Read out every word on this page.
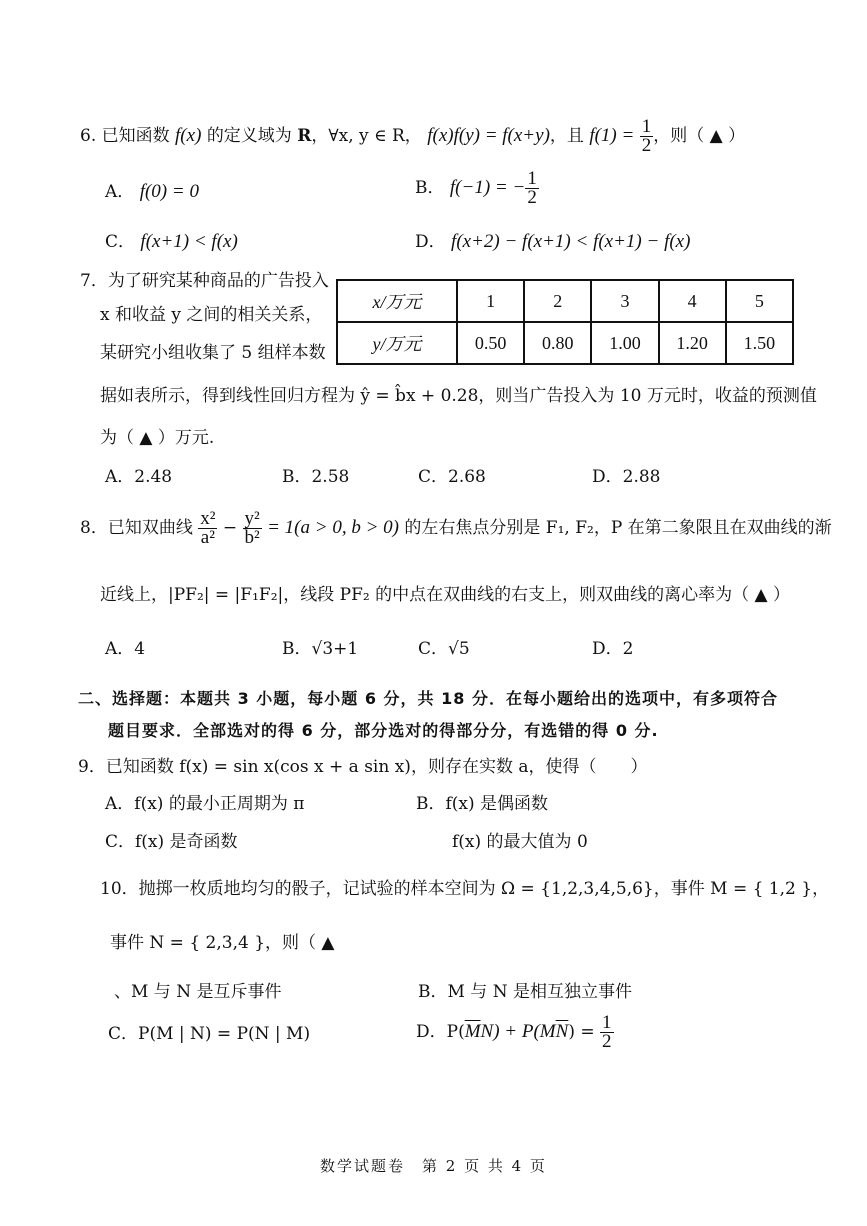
6. 已知函数 f(x) 的定义域为 R，∀x, y ∈ R， f(x)f(y) = f(x+y)，且 $f(1) = \frac{1}{2}$ ，则（ ▲ ）
A． f(0) = 0	B． f(−1) = − $\frac{1}{2}$
C． f(x+1) < f(x)	D． f(x+2) − f(x+1) < f(x+1) − f(x)
7．为了研究某种商品的广告投入
x 和收益 y 之间的相关关系，
某研究小组收集了 5 组样本数
x/万元	1	2	3	4	5
y/万元	0.50	0.80	1.00	1.20	1.50
据如表所示，得到线性回归方程为 ŷ = b̂x + 0.28，则当广告投入为 10 万元时，收益的预测值
为（ ▲ ）万元.
A．2.48	B．2.58	C．2.68	D．2.88
8．已知双曲线 $\frac{\text{x²}}{\text{a²}} - \frac{\text{y²}}{\text{b²}} = 1(a > 0$, b > 0) 的左右焦点分别是 F₁, F₂，P 在第二象限且在双曲线的渐
近线上，|PF₂| = |F₁F₂|，线段 PF₂ 的中点在双曲线的右支上，则双曲线的离心率为（ ▲ ）
A．4	B．√3+1	C．√5	D．2
二、选择题：本题共 3 小题，每小题 6 分，共 18 分．在每小题给出的选项中，有多项符合
题目要求．全部选对的得 6 分，部分选对的得部分分，有选错的得 0 分.
9．已知函数 f(x) = sin x(cos x + a sin x)，则存在实数 a，使得（　　）
A．f(x) 的最小正周期为 π	B．f(x) 是偶函数
C．f(x) 是奇函数	f(x) 的最大值为 0
10．抛掷一枚质地均匀的骰子，记试验的样本空间为 Ω = {1,2,3,4,5,6}，事件 M = { 1,2 }，
事件 N = { 2,3,4 }，则（ ▲
、M 与 N 是互斥事件	B．M 与 N 是相互独立事件
C．P(M | N) = P(N | M)	D．$P(\overline{M}N) + P(M\overline{N}) = \frac{1}{2}$
数学试题卷　第 2 页 共 4 页
